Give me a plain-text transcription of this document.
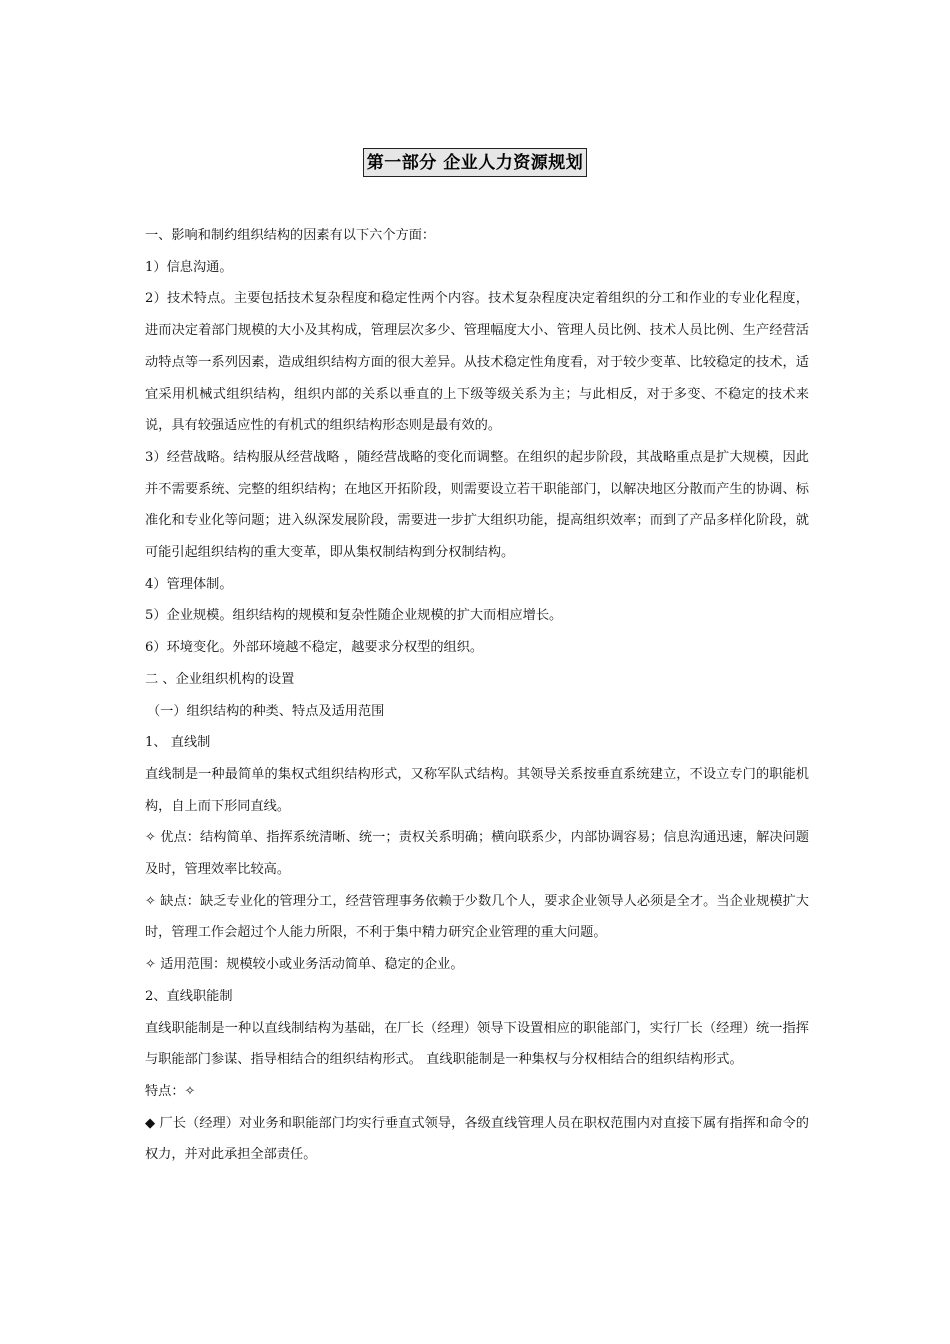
第一部分 企业人力资源规划

一、影响和制约组织结构的因素有以下六个方面：

1）信息沟通。

2）技术特点。主要包括技术复杂程度和稳定性两个内容。技术复杂程度决定着组织的分工和作业的专业化程度，进而决定着部门规模的大小及其构成，管理层次多少、管理幅度大小、管理人员比例、技术人员比例、生产经营活动特点等一系列因素，造成组织结构方面的很大差异。从技术稳定性角度看，对于较少变革、比较稳定的技术，适宜采用机械式组织结构，组织内部的关系以垂直的上下级等级关系为主；与此相反，对于多变、不稳定的技术来说，具有较强适应性的有机式的组织结构形态则是最有效的。

3）经营战略。结构服从经营战略 ，随经营战略的变化而调整。在组织的起步阶段，其战略重点是扩大规模，因此并不需要系统、完整的组织结构；在地区开拓阶段，则需要设立若干职能部门，以解决地区分散而产生的协调、标准化和专业化等问题；进入纵深发展阶段，需要进一步扩大组织功能，提高组织效率；而到了产品多样化阶段，就可能引起组织结构的重大变革，即从集权制结构到分权制结构。

4）管理体制。

5）企业规模。组织结构的规模和复杂性随企业规模的扩大而相应增长。

6）环境变化。外部环境越不稳定，越要求分权型的组织。

二 、企业组织机构的设置

（一）组织结构的种类、特点及适用范围

1、 直线制

直线制是一种最简单的集权式组织结构形式，又称军队式结构。其领导关系按垂直系统建立，不设立专门的职能机构，自上而下形同直线。

✧ 优点：结构简单、指挥系统清晰、统一；责权关系明确；横向联系少，内部协调容易；信息沟通迅速，解决问题及时，管理效率比较高。

✧ 缺点：缺乏专业化的管理分工，经营管理事务依赖于少数几个人，要求企业领导人必须是全才。当企业规模扩大时，管理工作会超过个人能力所限，不利于集中精力研究企业管理的重大问题。

✧ 适用范围：规模较小或业务活动简单、稳定的企业。

2、直线职能制

直线职能制是一种以直线制结构为基础，在厂长（经理）领导下设置相应的职能部门，实行厂长（经理）统一指挥与职能部门参谋、指导相结合的组织结构形式。 直线职能制是一种集权与分权相结合的组织结构形式。

特点：✧

◆ 厂长（经理）对业务和职能部门均实行垂直式领导，各级直线管理人员在职权范围内对直接下属有指挥和命令的权力，并对此承担全部责任。
